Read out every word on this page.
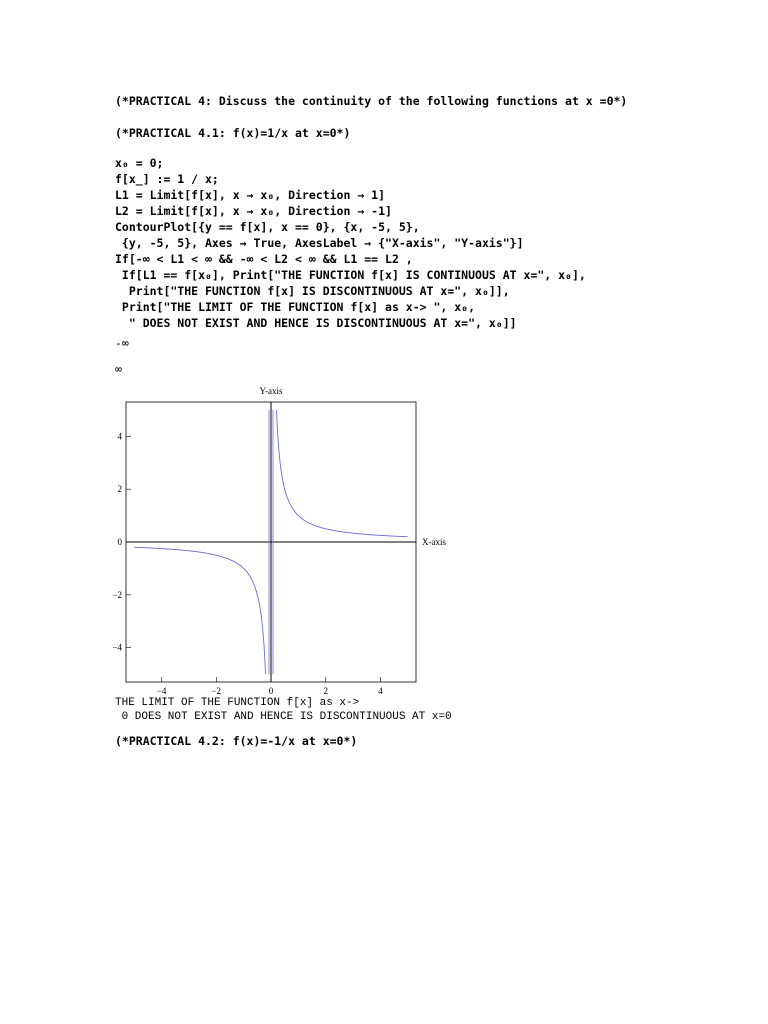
(*PRACTICAL 4: Discuss the continuity of the following functions at x =0*)
(*PRACTICAL 4.1: f(x)=1/x at x=0*)
x₀ = 0;
f[x_] := 1 / x;
L1 = Limit[f[x], x → x₀, Direction → 1]
L2 = Limit[f[x], x → x₀, Direction → -1]
ContourPlot[{y == f[x], x == 0}, {x, -5, 5},
{y, -5, 5}, Axes → True, AxesLabel → {"X-axis", "Y-axis"}]
If[-∞ < L1 < ∞ && -∞ < L2 < ∞ && L1 == L2 ,
If[L1 == f[x₀], Print["THE FUNCTION f[x] IS CONTINUOUS AT x=", x₀],
Print["THE FUNCTION f[x] IS DISCONTINUOUS AT x=", x₀]],
Print["THE LIMIT OF THE FUNCTION f[x] as x-> ", x₀,
" DOES NOT EXIST AND HENCE IS DISCONTINUOUS AT x=", x₀]]
-∞
∞
−4	−2	0	2	4
−4
−2
0
2
4
X-axis
Y-axis
THE LIMIT OF THE FUNCTION f[x] as x->
0 DOES NOT EXIST AND HENCE IS DISCONTINUOUS AT x=0
(*PRACTICAL 4.2: f(x)=-1/x at x=0*)
